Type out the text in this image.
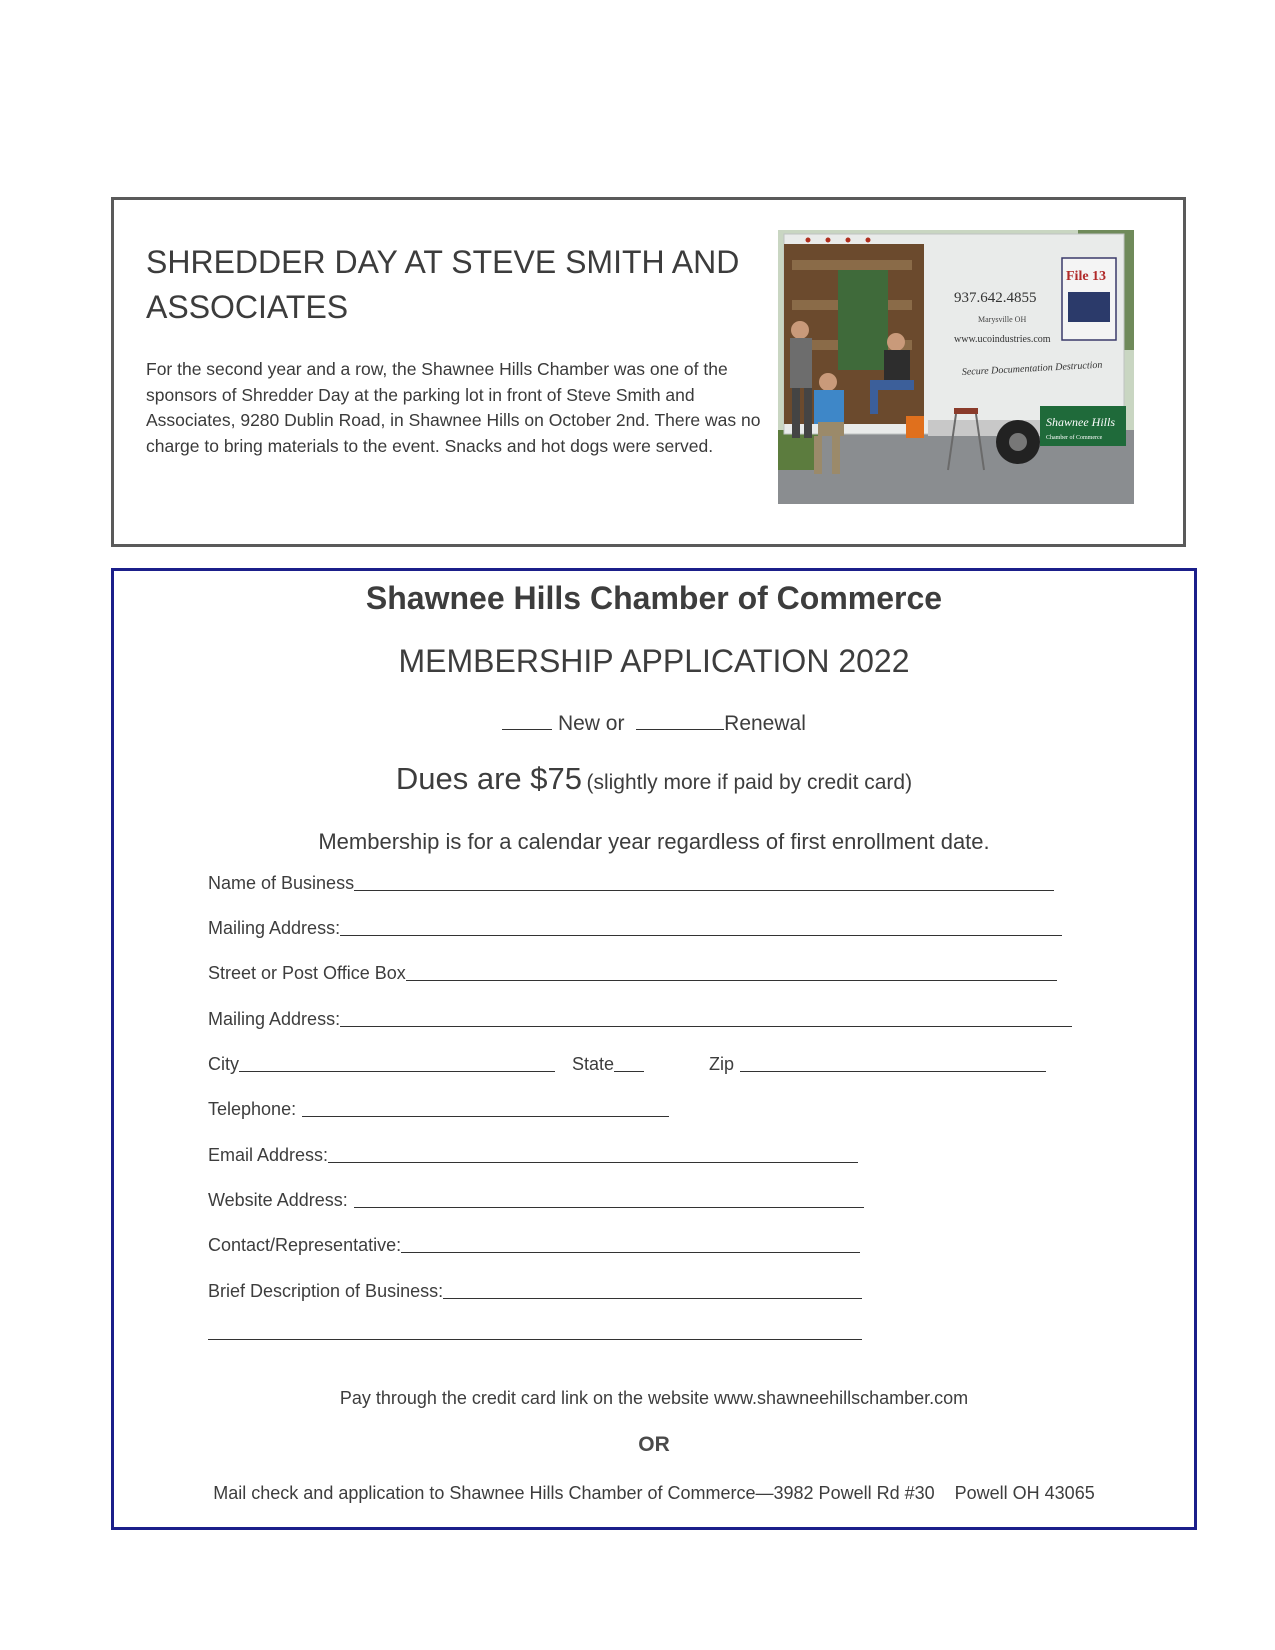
SHREDDER DAY AT STEVE SMITH AND
ASSOCIATES

For the second year and a row, the Shawnee Hills Chamber was one of the sponsors of Shredder Day at the parking lot in front of Steve Smith and Associates, 9280 Dublin Road, in Shawnee Hills on October 2nd. There was no charge to bring materials to the event. Snacks and hot dogs were served.

937.642.4855
Marysville OH
www.ucoindustries.com
Secure Documentation Destruction
File 13
Shawnee Hills
Chamber of Commerce
Shawnee Hills Chamber of Commerce
MEMBERSHIP APPLICATION 2022

New or	Renewal

Dues are $75 (slightly more if paid by credit card)

Membership is for a calendar year regardless of first enrollment date.

Name of Business
Mailing Address:
Street or Post Office Box
Mailing Address:
City	State	Zip
Telephone:
Email Address:
Website Address:
Contact/Representative:
Brief Description of Business:

Pay through the credit card link on the website www.shawneehillschamber.com

OR

Mail check and application to Shawnee Hills Chamber of Commerce—3982 Powell Rd #30    Powell OH 43065
